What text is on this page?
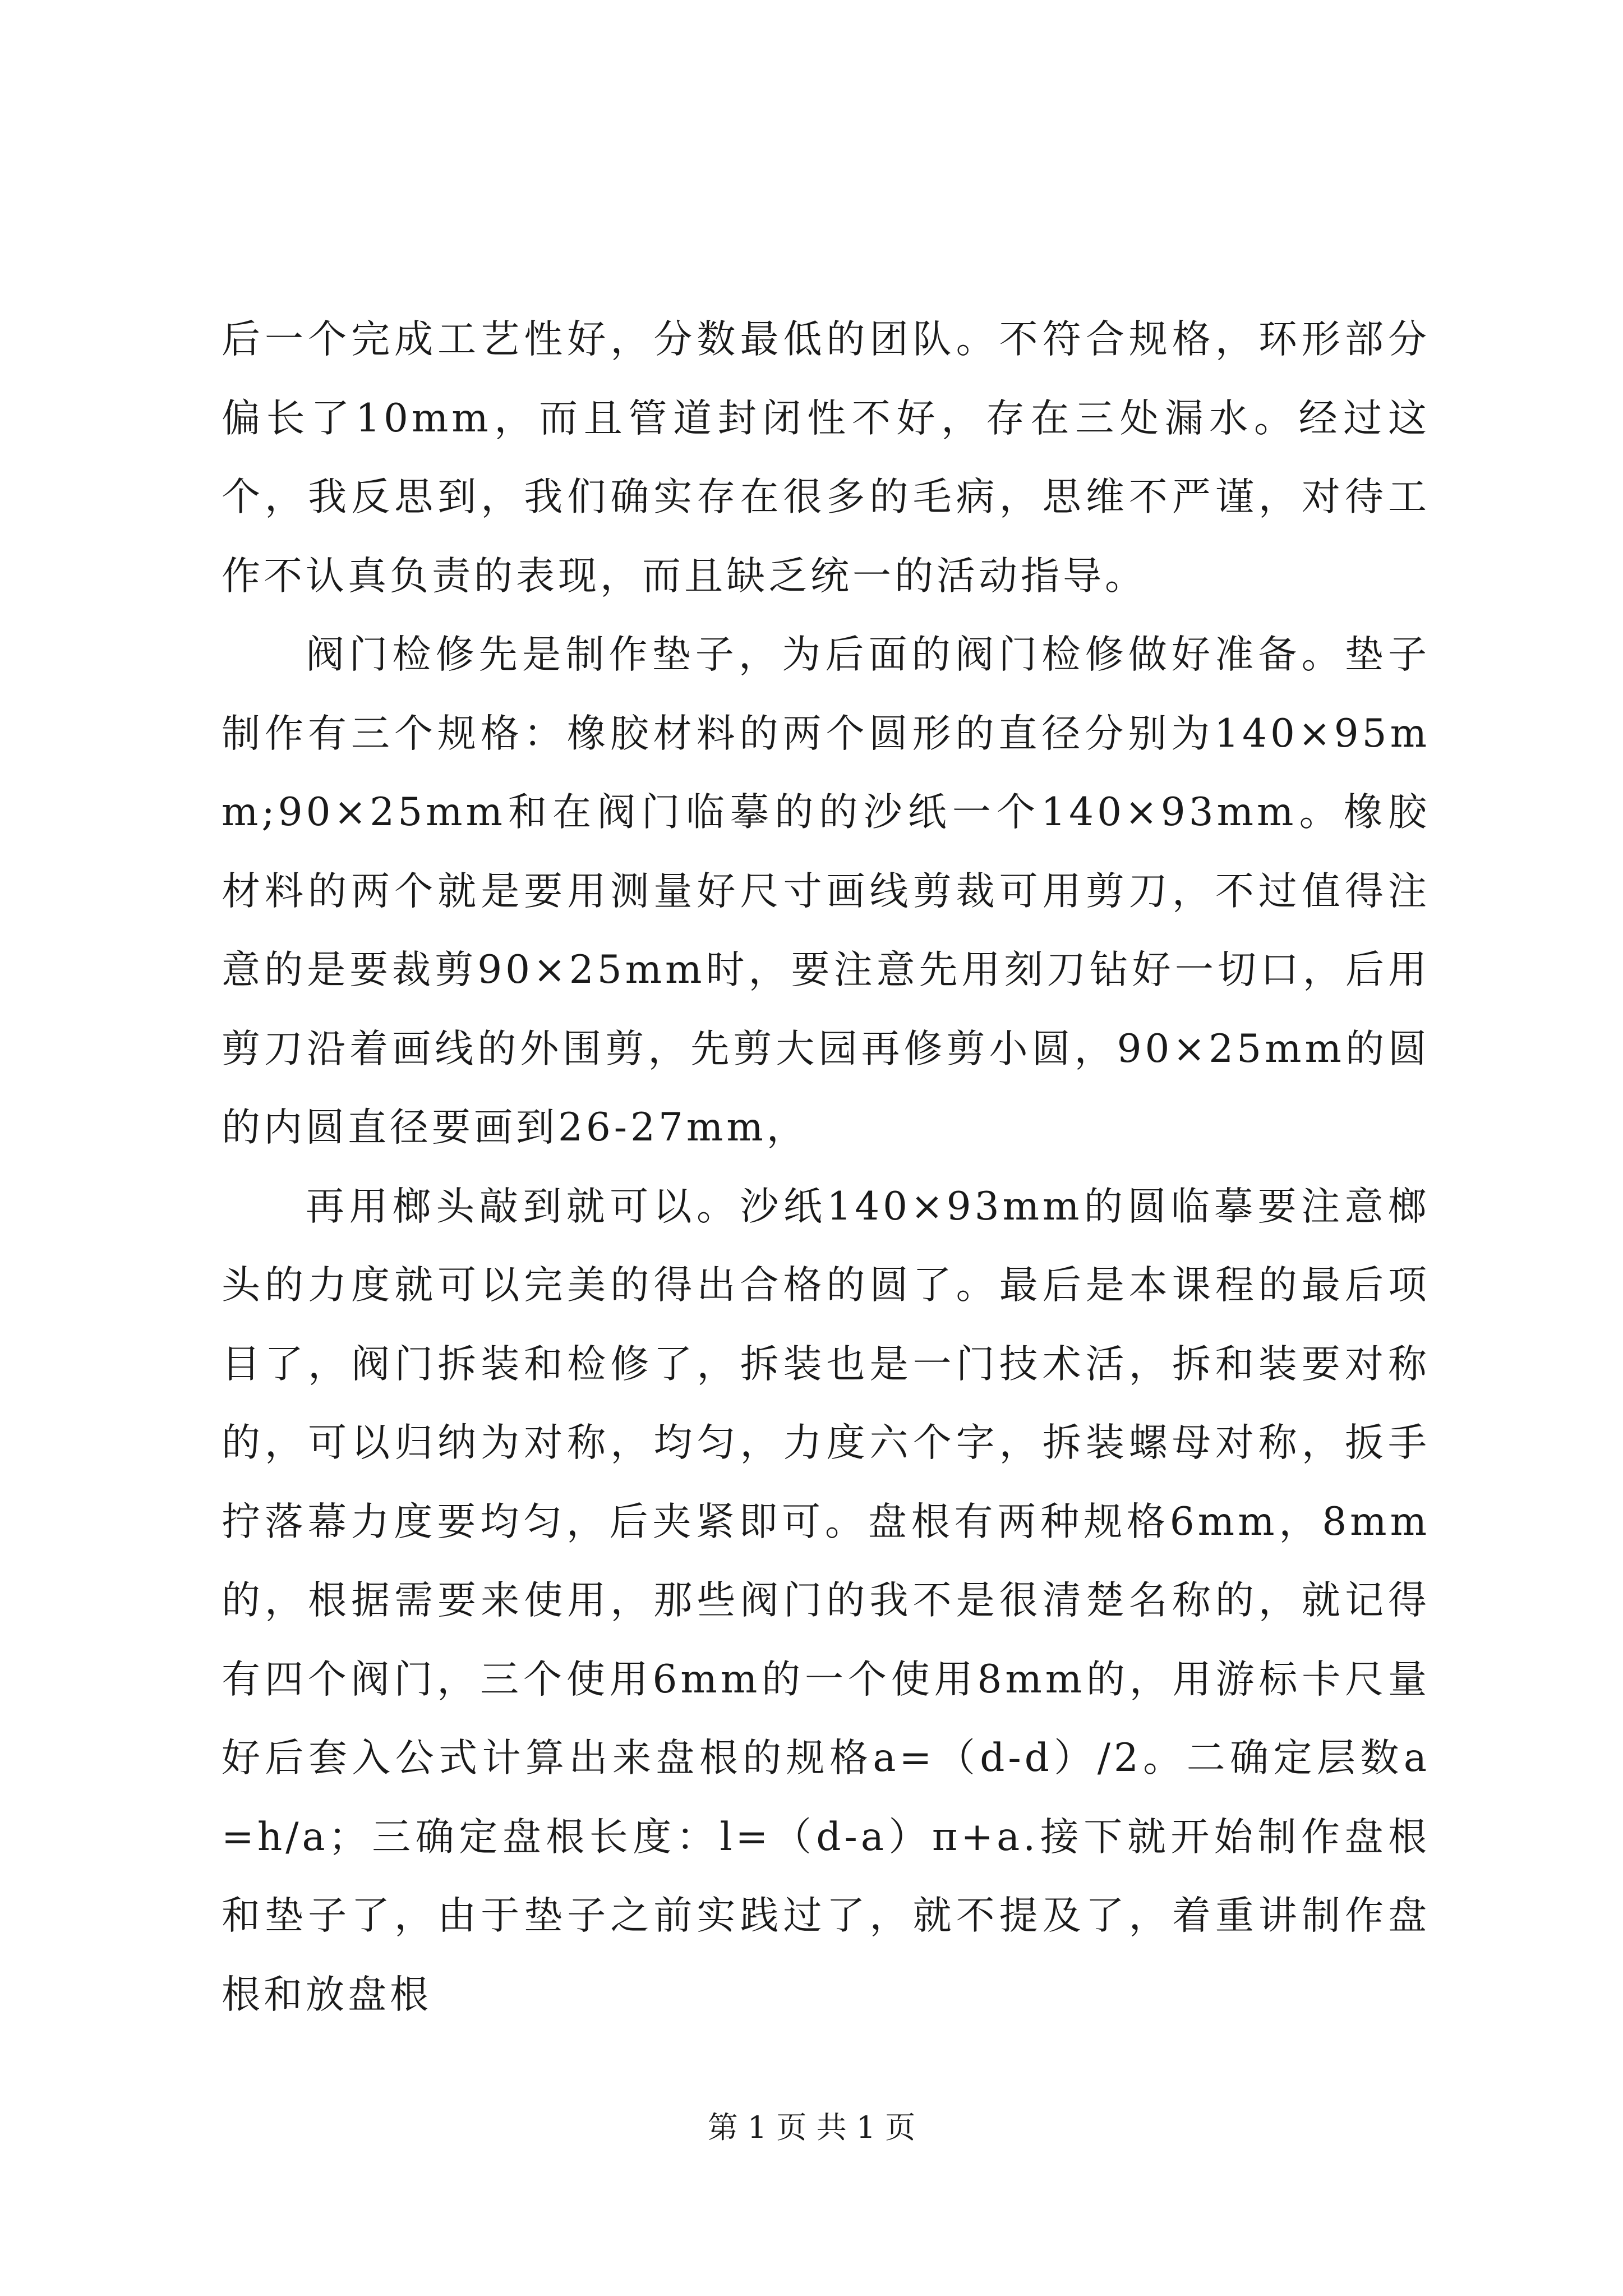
后一个完成工艺性好，分数最低的团队。不符合规格，环形部分偏长了10mm，而且管道封闭性不好，存在三处漏水。经过这个，我反思到，我们确实存在很多的毛病，思维不严谨，对待工作不认真负责的表现，而且缺乏统一的活动指导。

阀门检修先是制作垫子，为后面的阀门检修做好准备。垫子制作有三个规格：橡胶材料的两个圆形的直径分别为140×95mm;90×25mm和在阀门临摹的的沙纸一个140×93mm。橡胶材料的两个就是要用测量好尺寸画线剪裁可用剪刀，不过值得注意的是要裁剪90×25mm时，要注意先用刻刀钻好一切口，后用剪刀沿着画线的外围剪，先剪大园再修剪小圆，90×25mm的圆的内圆直径要画到26-27mm，

再用榔头敲到就可以。沙纸140×93mm的圆临摹要注意榔头的力度就可以完美的得出合格的圆了。最后是本课程的最后项目了，阀门拆装和检修了，拆装也是一门技术活，拆和装要对称的，可以归纳为对称，均匀，力度六个字，拆装螺母对称，扳手拧落幕力度要均匀，后夹紧即可。盘根有两种规格6mm，8mm的，根据需要来使用，那些阀门的我不是很清楚名称的，就记得有四个阀门，三个使用6mm的一个使用8mm的，用游标卡尺量好后套入公式计算出来盘根的规格a=（d-d）/2。二确定层数a=h/a；三确定盘根长度：l=（d-a）π+a.接下就开始制作盘根和垫子了，由于垫子之前实践过了，就不提及了，着重讲制作盘根和放盘根

第 1 页 共 1 页
